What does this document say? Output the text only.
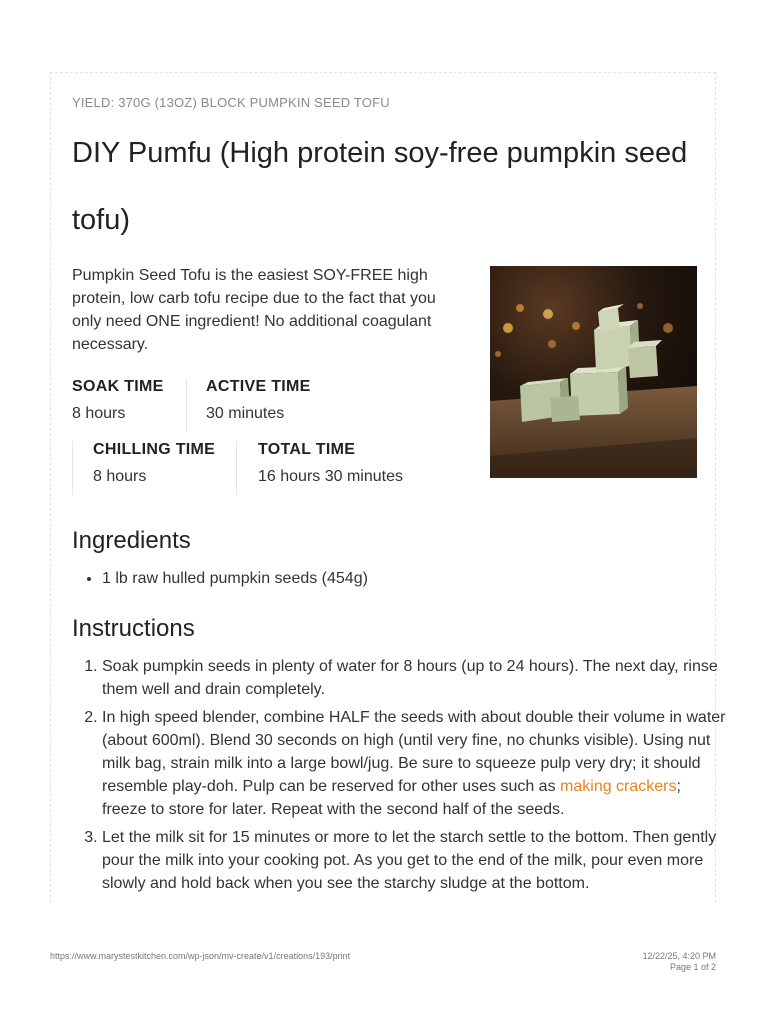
YIELD: 370G (13OZ) BLOCK PUMPKIN SEED TOFU
DIY Pumfu (High protein soy-free pumpkin seed tofu)

Pumpkin Seed Tofu is the easiest SOY-FREE high protein, low carb tofu recipe due to the fact that you only need ONE ingredient! No additional coagulant necessary.

SOAK TIME
8 hours
ACTIVE TIME
30 minutes
CHILLING TIME
8 hours
TOTAL TIME
16 hours 30 minutes
Ingredients
• 1 lb raw hulled pumpkin seeds (454g)
Instructions
1. Soak pumpkin seeds in plenty of water for 8 hours (up to 24 hours). The next day, rinse them well and drain completely.
2. In high speed blender, combine HALF the seeds with about double their volume in water (about 600ml). Blend 30 seconds on high (until very fine, no chunks visible). Using nut milk bag, strain milk into a large bowl/jug. Be sure to squeeze pulp very dry; it should resemble play-doh. Pulp can be reserved for other uses such as making crackers; freeze to store for later. Repeat with the second half of the seeds.
3. Let the milk sit for 15 minutes or more to let the starch settle to the bottom. Then gently pour the milk into your cooking pot. As you get to the end of the milk, pour even more slowly and hold back when you see the starchy sludge at the bottom.
https://www.marystestkitchen.com/wp-json/mv-create/v1/creations/193/print	12/22/25, 4:20 PM
Page 1 of 2
